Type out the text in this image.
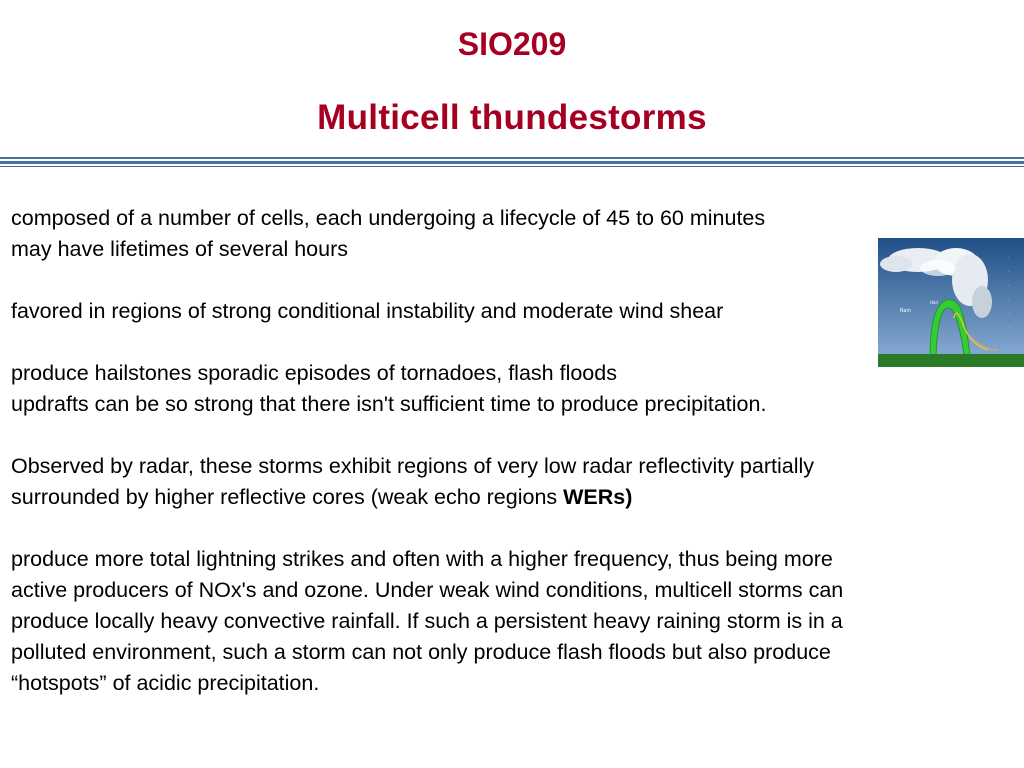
SIO209
Multicell thundestorms

composed of a number of cells, each undergoing a lifecycle of 45 to 60 minutes

may have lifetimes of several hours

favored in regions of strong conditional instability and moderate wind shear

produce hailstones sporadic episodes of tornadoes, flash floods

updrafts can be so strong that there isn't sufficient time to produce precipitation.

Observed by radar, these storms exhibit regions of very low radar reflectivity partially

surrounded by higher reflective cores (weak echo regions WERs)

produce more total lightning strikes and often with a higher frequency, thus being more

active producers of NOx's and ozone. Under weak wind conditions, multicell storms can

produce locally heavy convective rainfall. If such a persistent heavy raining storm is in a

polluted environment, such a storm can not only produce flash floods but also produce

“hotspots” of acidic precipitation.

-
-
-
-
-
-
Rain
Hail
